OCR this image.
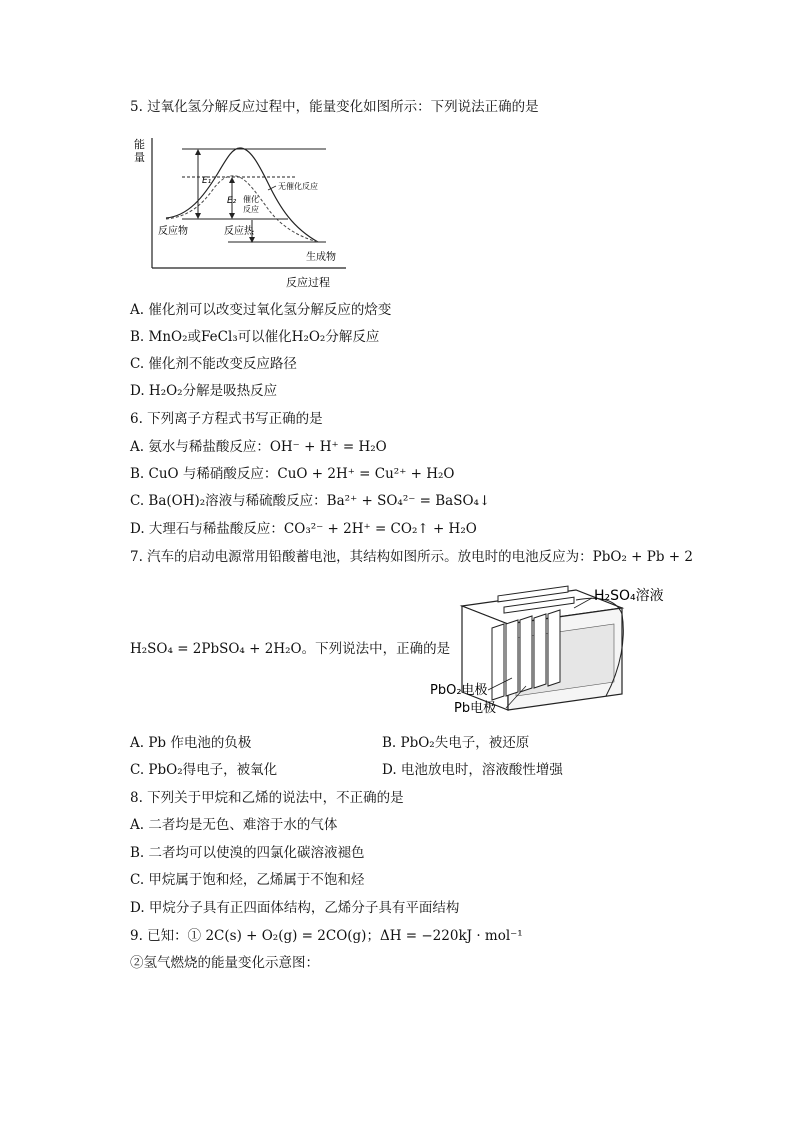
5. 过氧化氢分解反应过程中，能量变化如图所示：下列说法正确的是
能
量
反应过程
E₁
E₂ 催化
反应
无催化反应
反应物	反应热
生成物
A. 催化剂可以改变过氧化氢分解反应的焓变
B. MnO₂或FeCl₃可以催化H₂O₂分解反应
C. 催化剂不能改变反应路径
D. H₂O₂分解是吸热反应
6. 下列离子方程式书写正确的是
A. 氨水与稀盐酸反应：OH⁻ + H⁺ = H₂O
B. CuO 与稀硝酸反应：CuO + 2H⁺ = Cu²⁺ + H₂O
C. Ba(OH)₂溶液与稀硫酸反应：Ba²⁺ + SO₄²⁻ = BaSO₄↓
D. 大理石与稀盐酸反应：CO₃²⁻ + 2H⁺ = CO₂↑ + H₂O
7. 汽车的启动电源常用铅酸蓄电池，其结构如图所示。放电时的电池反应为：PbO₂ + Pb + 2
H₂SO₄ = 2PbSO₄ + 2H₂O。下列说法中，正确的是
H₂SO₄溶液
PbO₂电极
Pb电极
A. Pb 作电池的负极	B. PbO₂失电子，被还原
C. PbO₂得电子，被氧化	D. 电池放电时，溶液酸性增强
8. 下列关于甲烷和乙烯的说法中，不正确的是
A. 二者均是无色、难溶于水的气体
B. 二者均可以使溴的四氯化碳溶液褪色
C. 甲烷属于饱和烃，乙烯属于不饱和烃
D. 甲烷分子具有正四面体结构，乙烯分子具有平面结构
9. 已知：① 2C(s) + O₂(g) = 2CO(g)；ΔH = −220kJ · mol⁻¹
②氢气燃烧的能量变化示意图：
